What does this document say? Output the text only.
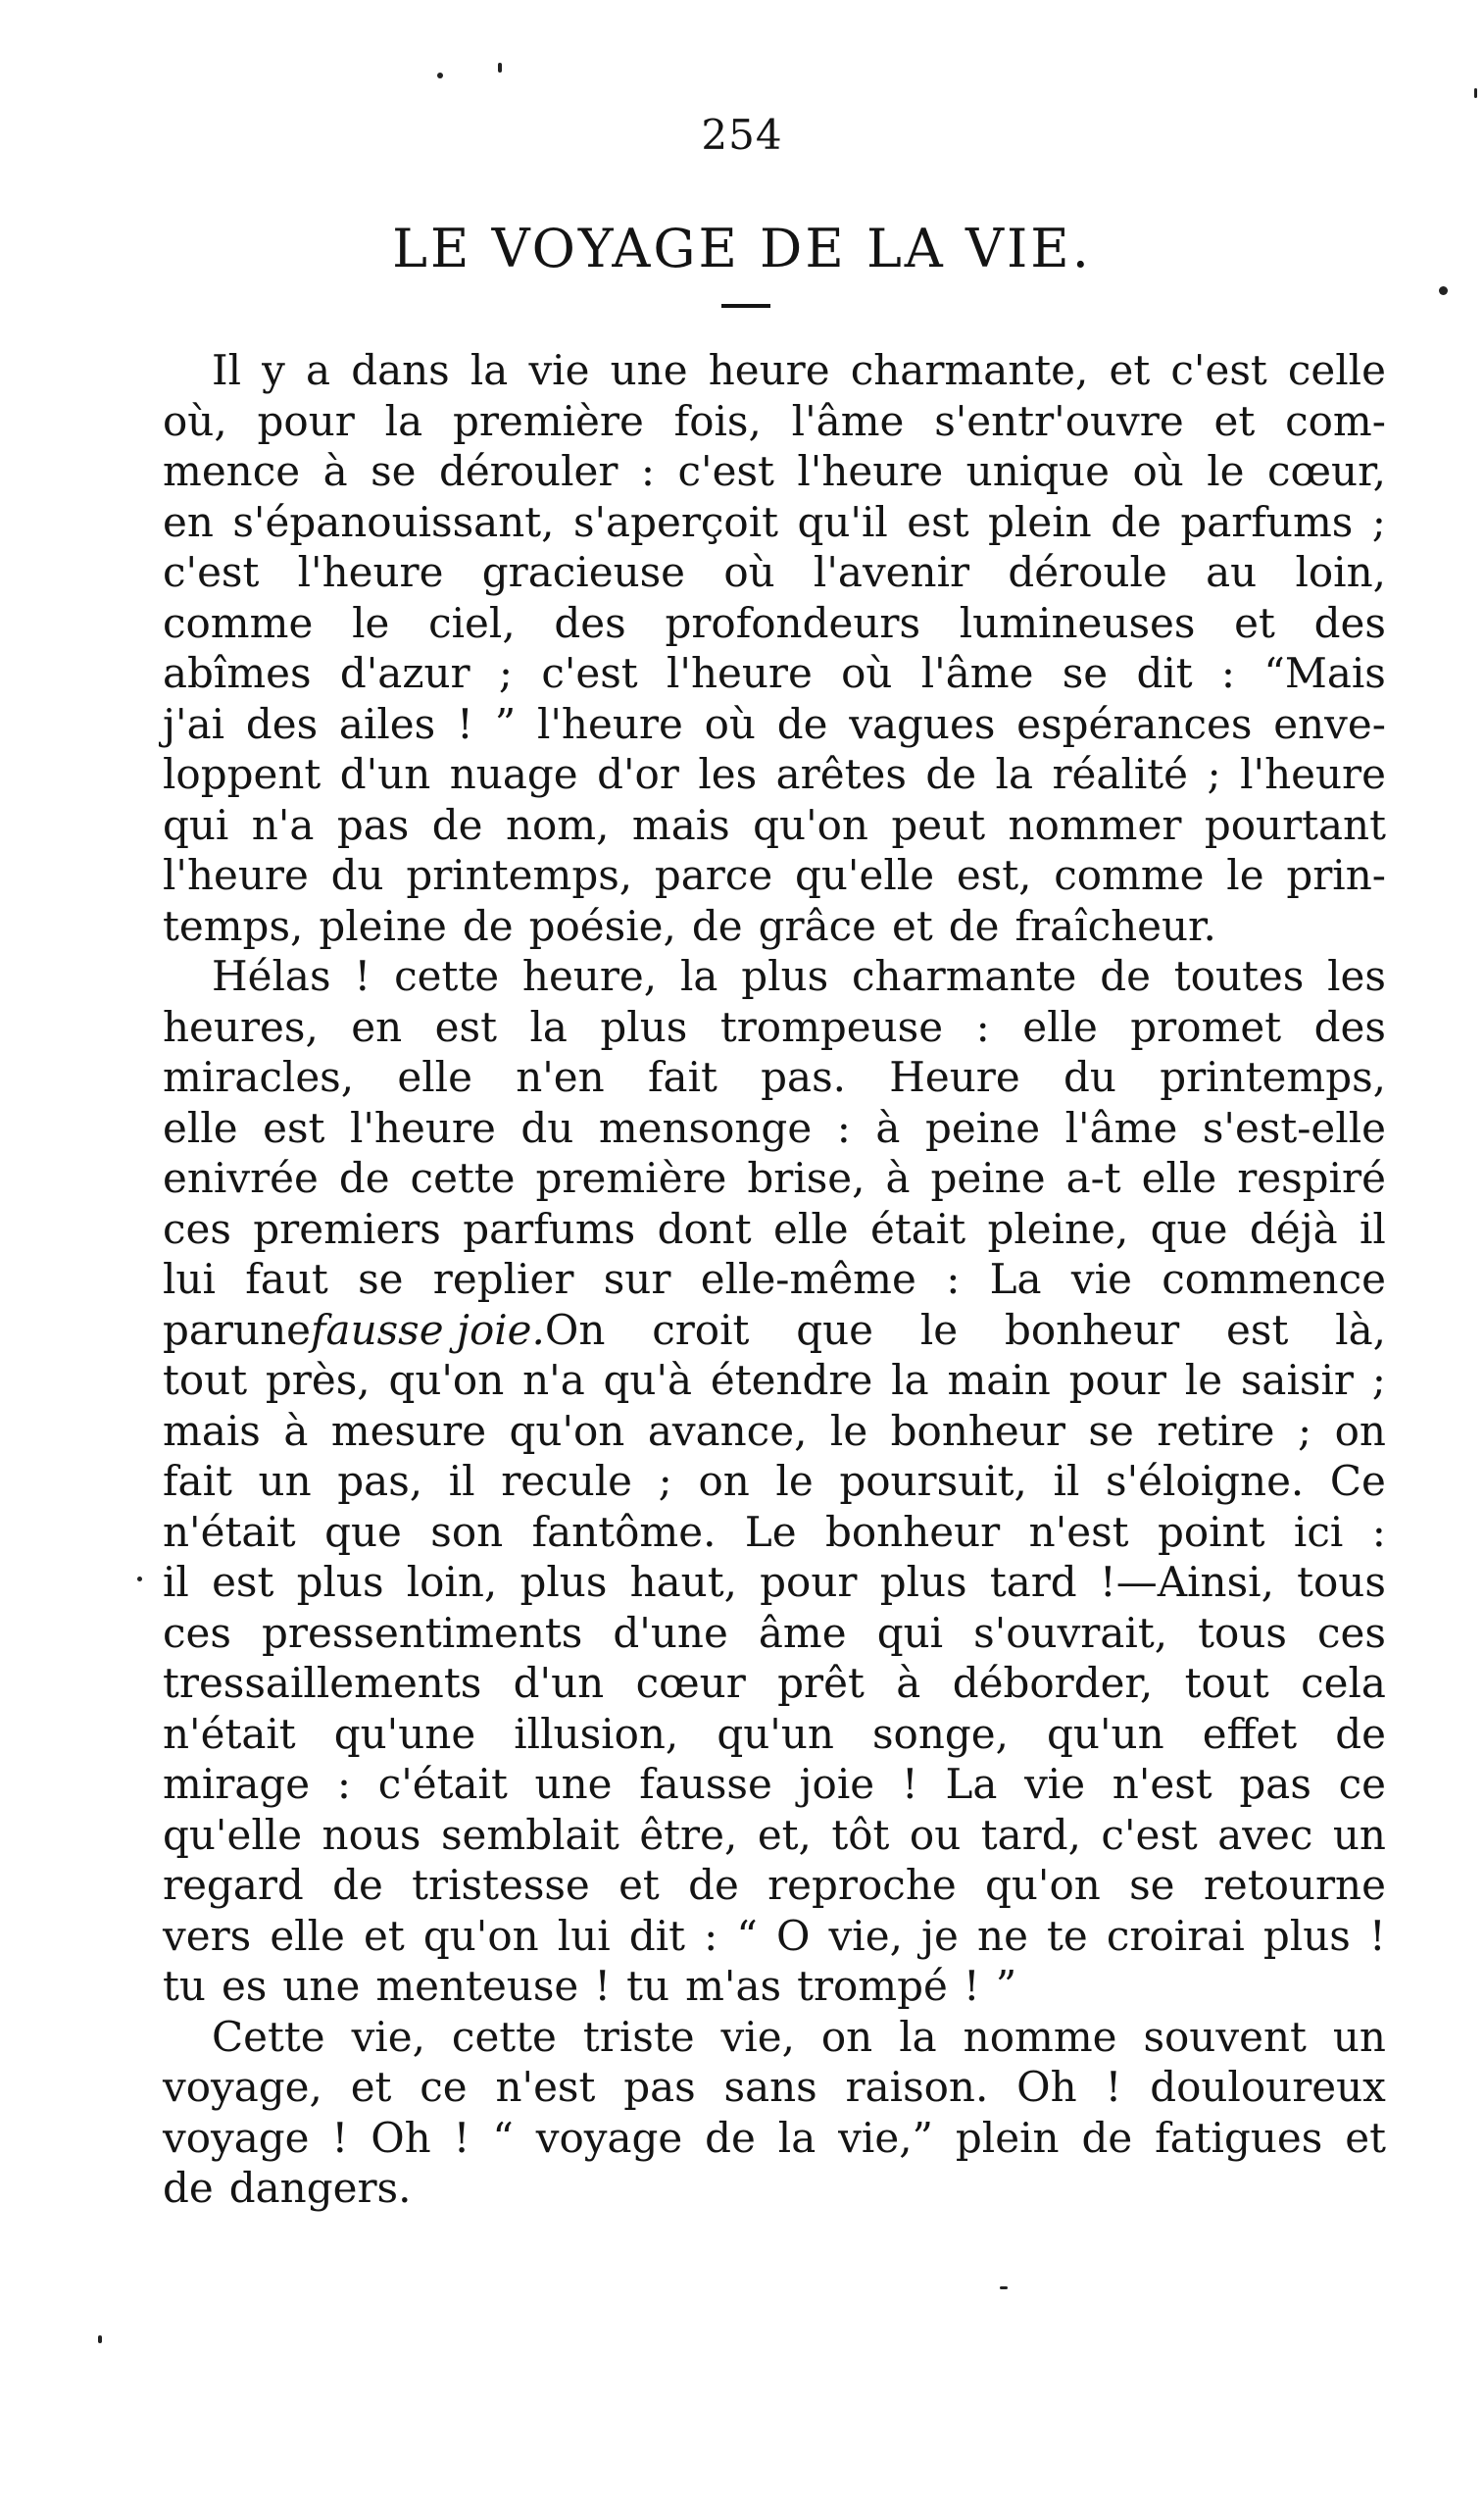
254
LE VOYAGE DE LA VIE.
Il y a dans la vie une heure charmante, et c'est celle
où, pour la première fois, l'âme s'entr'ouvre et com-
mence à se dérouler : c'est l'heure unique où le cœur,
en s'épanouissant, s'aperçoit qu'il est plein de parfums ;
c'est l'heure gracieuse où l'avenir déroule au loin,
comme le ciel, des profondeurs lumineuses et des
abîmes d'azur ; c'est l'heure où l'âme se dit : “Mais
j'ai des ailes ! ” l'heure où de vagues espérances enve-
loppent d'un nuage d'or les arêtes de la réalité ; l'heure
qui n'a pas de nom, mais qu'on peut nommer pourtant
l'heure du printemps, parce qu'elle est, comme le prin-
temps, pleine de poésie, de grâce et de fraîcheur.
Hélas ! cette heure, la plus charmante de toutes les
heures, en est la plus trompeuse : elle promet des
miracles, elle n'en fait pas. Heure du printemps,
elle est l'heure du mensonge : à peine l'âme s'est-elle
enivrée de cette première brise, à peine a-t elle respiré
ces premiers parfums dont elle était pleine, que déjà il
lui faut se replier sur elle-même : La vie commence
par une fausse joie. On croit que le bonheur est là,
tout près, qu'on n'a qu'à étendre la main pour le saisir ;
mais à mesure qu'on avance, le bonheur se retire ; on
fait un pas, il recule ; on le poursuit, il s'éloigne. Ce
n'était que son fantôme. Le bonheur n'est point ici :
il est plus loin, plus haut, pour plus tard !—Ainsi, tous
ces pressentiments d'une âme qui s'ouvrait, tous ces
tressaillements d'un cœur prêt à déborder, tout cela
n'était qu'une illusion, qu'un songe, qu'un effet de
mirage : c'était une fausse joie ! La vie n'est pas ce
qu'elle nous semblait être, et, tôt ou tard, c'est avec un
regard de tristesse et de reproche qu'on se retourne
vers elle et qu'on lui dit : “ O vie, je ne te croirai plus !
tu es une menteuse ! tu m'as trompé ! ”
Cette vie, cette triste vie, on la nomme souvent un
voyage, et ce n'est pas sans raison. Oh ! douloureux
voyage ! Oh ! “ voyage de la vie,” plein de fatigues et
de dangers.
